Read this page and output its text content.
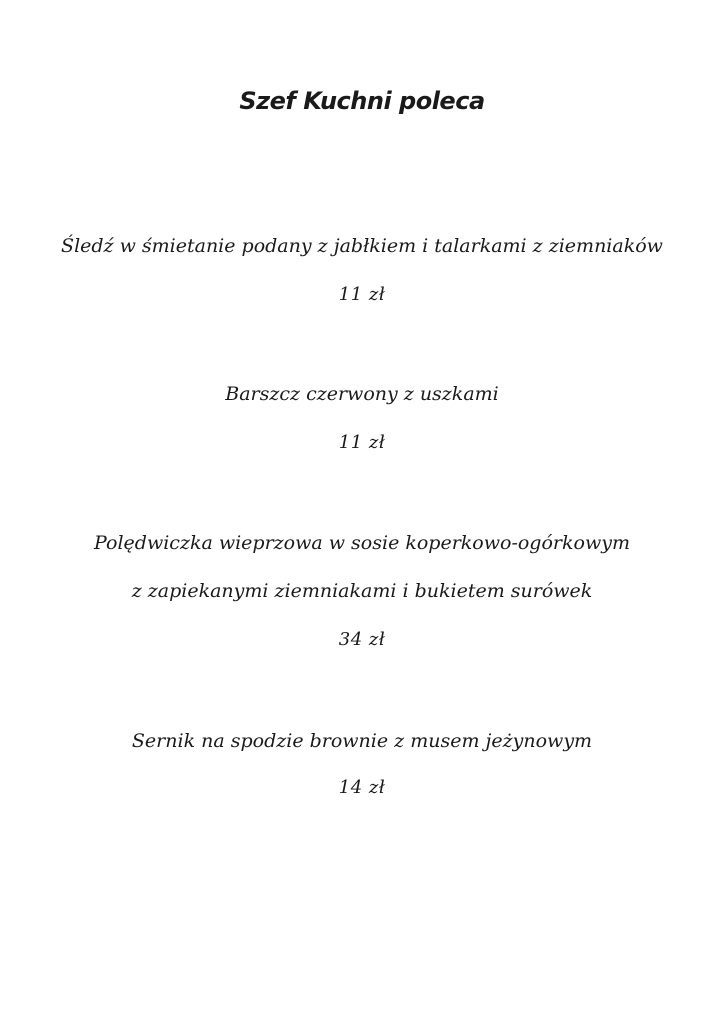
Szef Kuchni poleca
Śledź w śmietanie podany z jabłkiem i talarkami z ziemniaków
11 zł
Barszcz czerwony z uszkami
11 zł
Polędwiczka wieprzowa w sosie koperkowo-ogórkowym
z zapiekanymi ziemniakami i bukietem surówek
34 zł
Sernik na spodzie brownie z musem jeżynowym
14 zł
